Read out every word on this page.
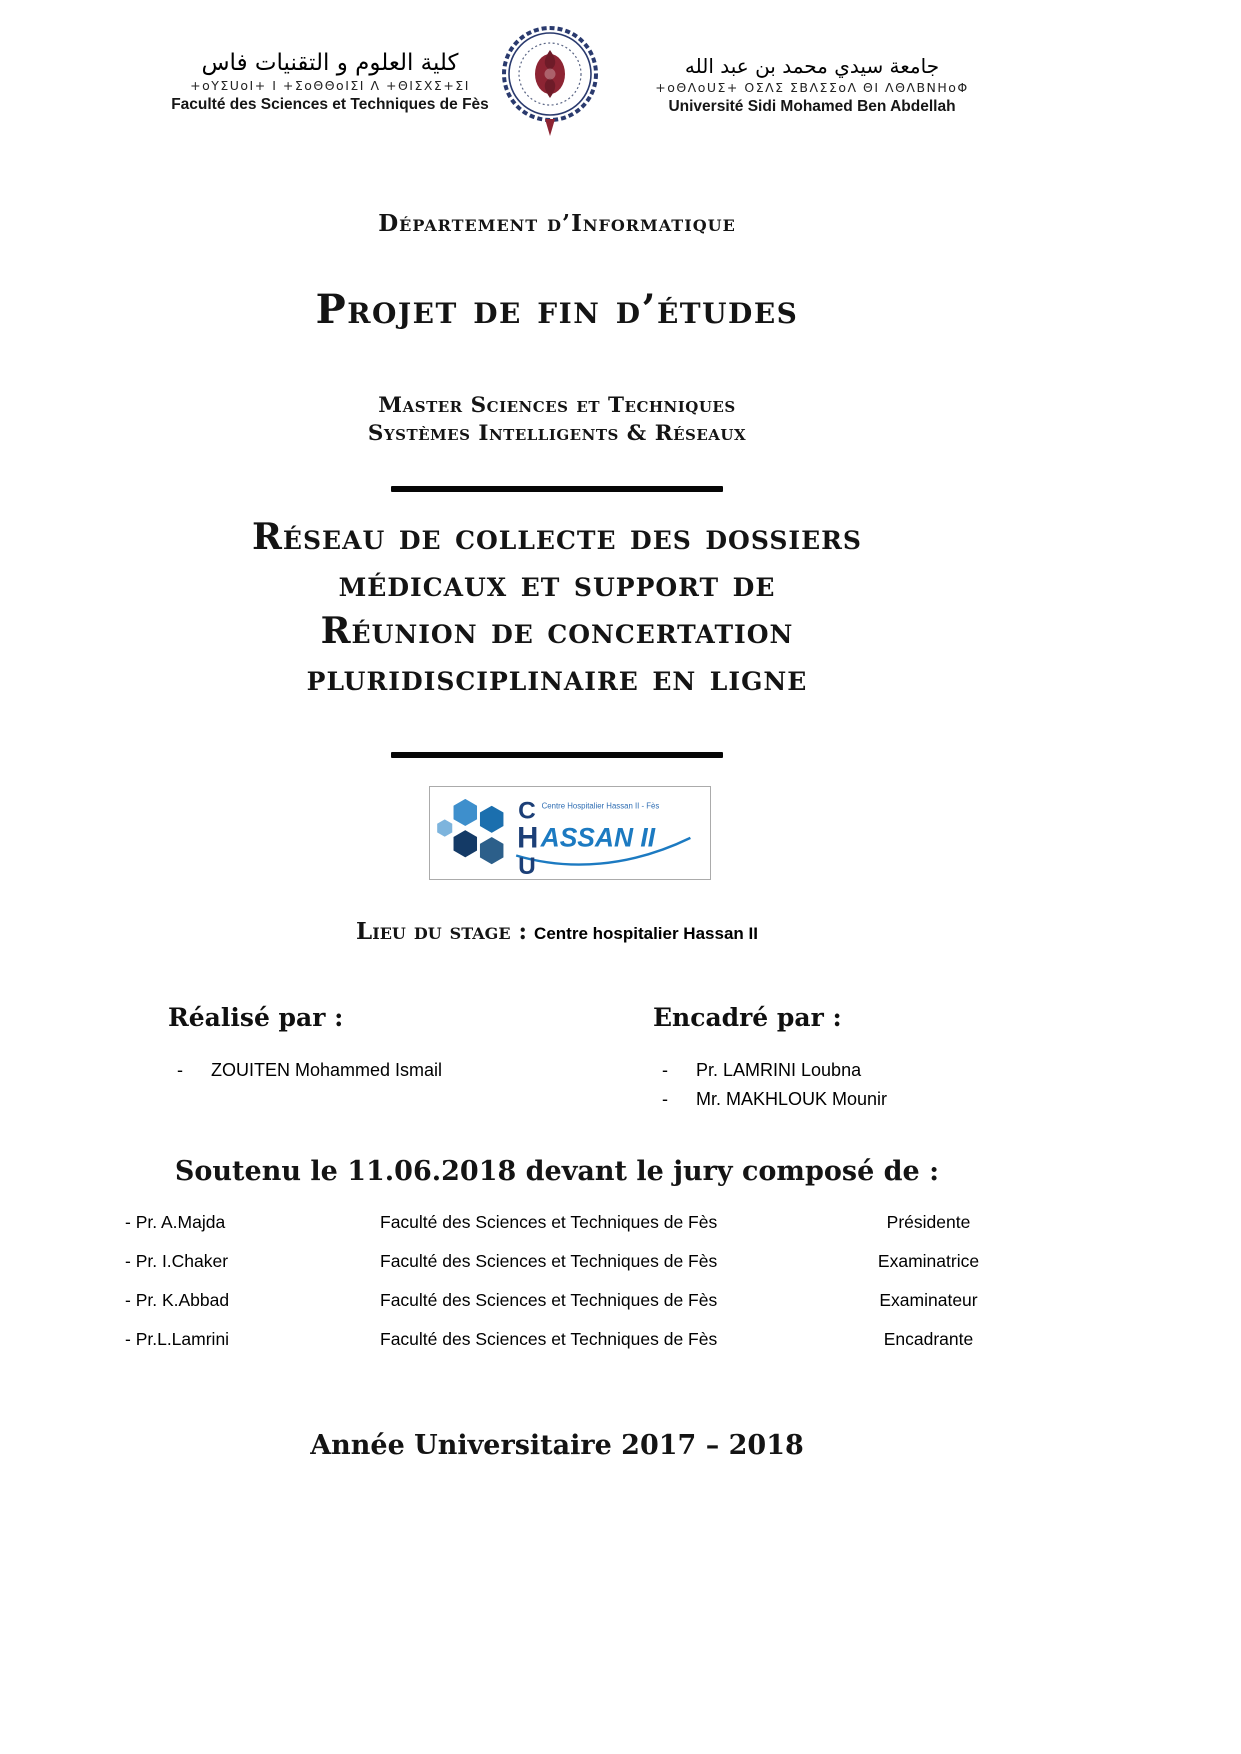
كلية العلوم و التقنيات فاس
+oYΣUoI+ I +ΣoΘΘoIΣI Λ +ΘIΣXΣ+ΣI
Faculté des Sciences et Techniques de Fès
جامعة سيدي محمد بن عبد الله
+oΘΛoUΣ+ OΣΛΣ ΣΒΛΣΣoΛ ΘI ΛΘΛΒΝΗoΦ
Université Sidi Mohamed Ben Abdellah
Département d’Informatique
Projet de fin d’études
Master Sciences et Techniques
Systèmes Intelligents & Réseaux
Réseau de collecte des dossiers
médicaux et support de
Réunion de concertation
pluridisciplinaire en ligne
C Centre Hospitalier Hassan II - Fès
H ASSAN II
U
Lieu du stage : Centre hospitalier Hassan II
Réalisé par :
- ZOUITEN Mohammed Ismail
Encadré par :
- Pr. LAMRINI Loubna
- Mr. MAKHLOUK Mounir
Soutenu le 11.06.2018 devant le jury composé de :
- Pr. A.Majda	Faculté des Sciences et Techniques de Fès	Présidente
- Pr. I.Chaker	Faculté des Sciences et Techniques de Fès	Examinatrice
- Pr. K.Abbad	Faculté des Sciences et Techniques de Fès	Examinateur
- Pr.L.Lamrini	Faculté des Sciences et Techniques de Fès	Encadrante
Année Universitaire 2017 – 2018
